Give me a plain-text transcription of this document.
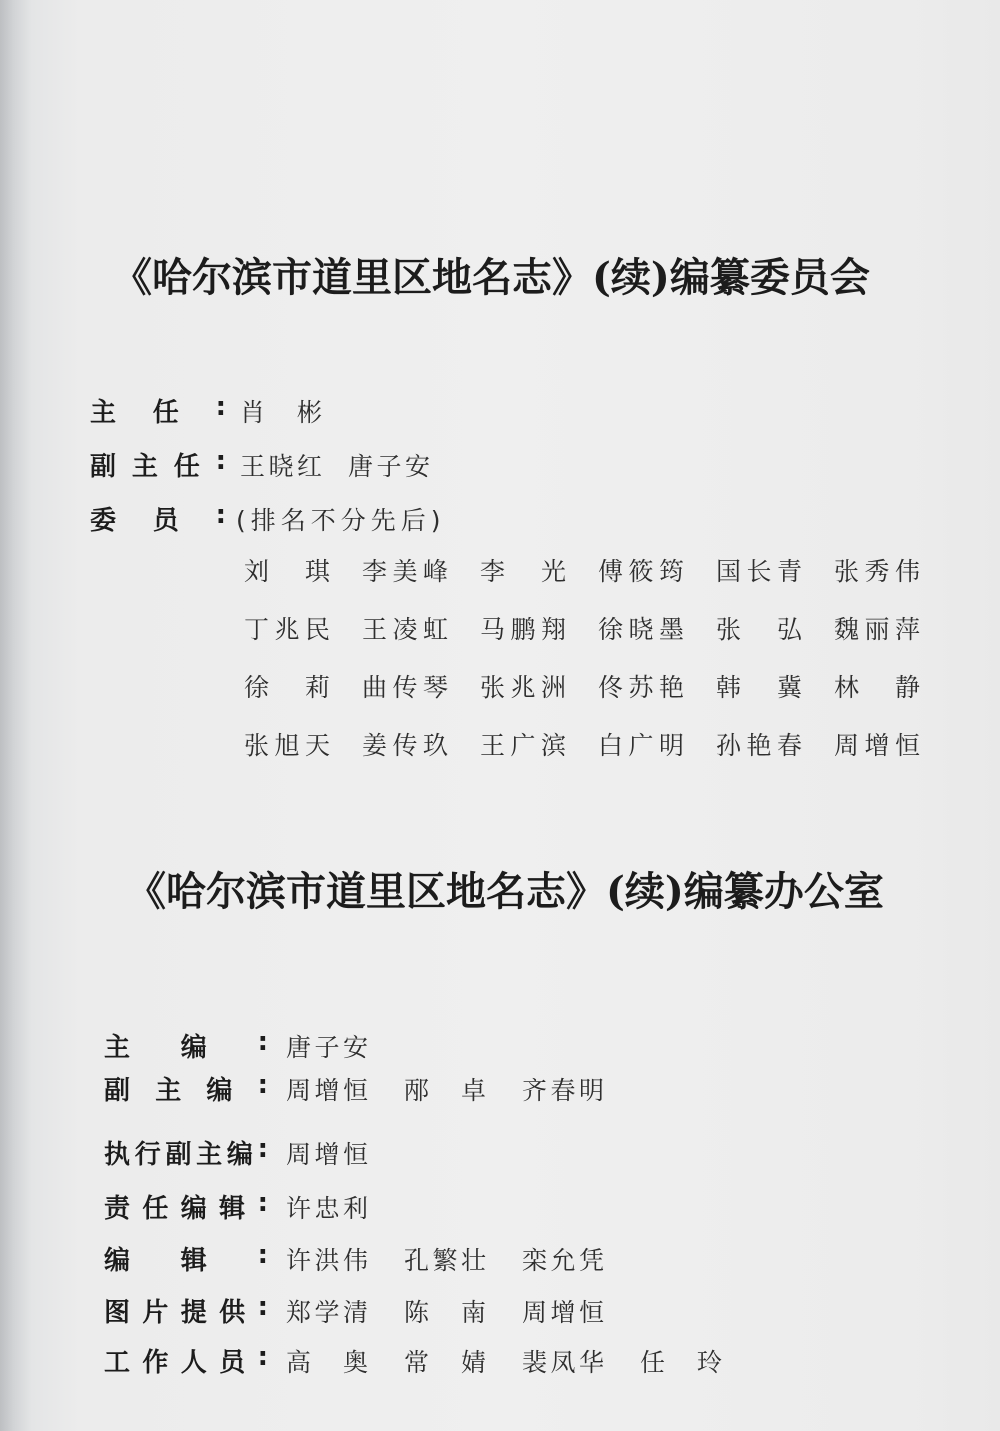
《哈尔滨市道里区地名志》(续)编纂委员会
主 任 : 肖 彬
副 主 任 : 王 晓 红 唐 子 安
委 员 : (排名不分先后)
刘 琪 李 美 峰 李 光 傅 筱 筠 国 长 青 张 秀 伟
丁 兆 民 王 凌 虹 马 鹏 翔 徐 晓 墨 张 弘 魏 丽 萍
徐 莉 曲 传 琴 张 兆 洲 佟 苏 艳 韩 冀 林 静
张 旭 天 姜 传 玖 王 广 滨 白 广 明 孙 艳 春 周 增 恒
《哈尔滨市道里区地名志》(续)编纂办公室
主 编 : 唐 子 安
副 主 编 : 周 增 恒 邴 卓 齐 春 明
执 行 副 主 编 : 周 增 恒
责 任 编 辑 : 许 忠 利
编 辑 : 许 洪 伟 孔 繁 壮 栾 允 凭
图 片 提 供 : 郑 学 清 陈 南 周 增 恒
工 作 人 员 : 高 奥 常 婧 裴 凤 华 任 玲
